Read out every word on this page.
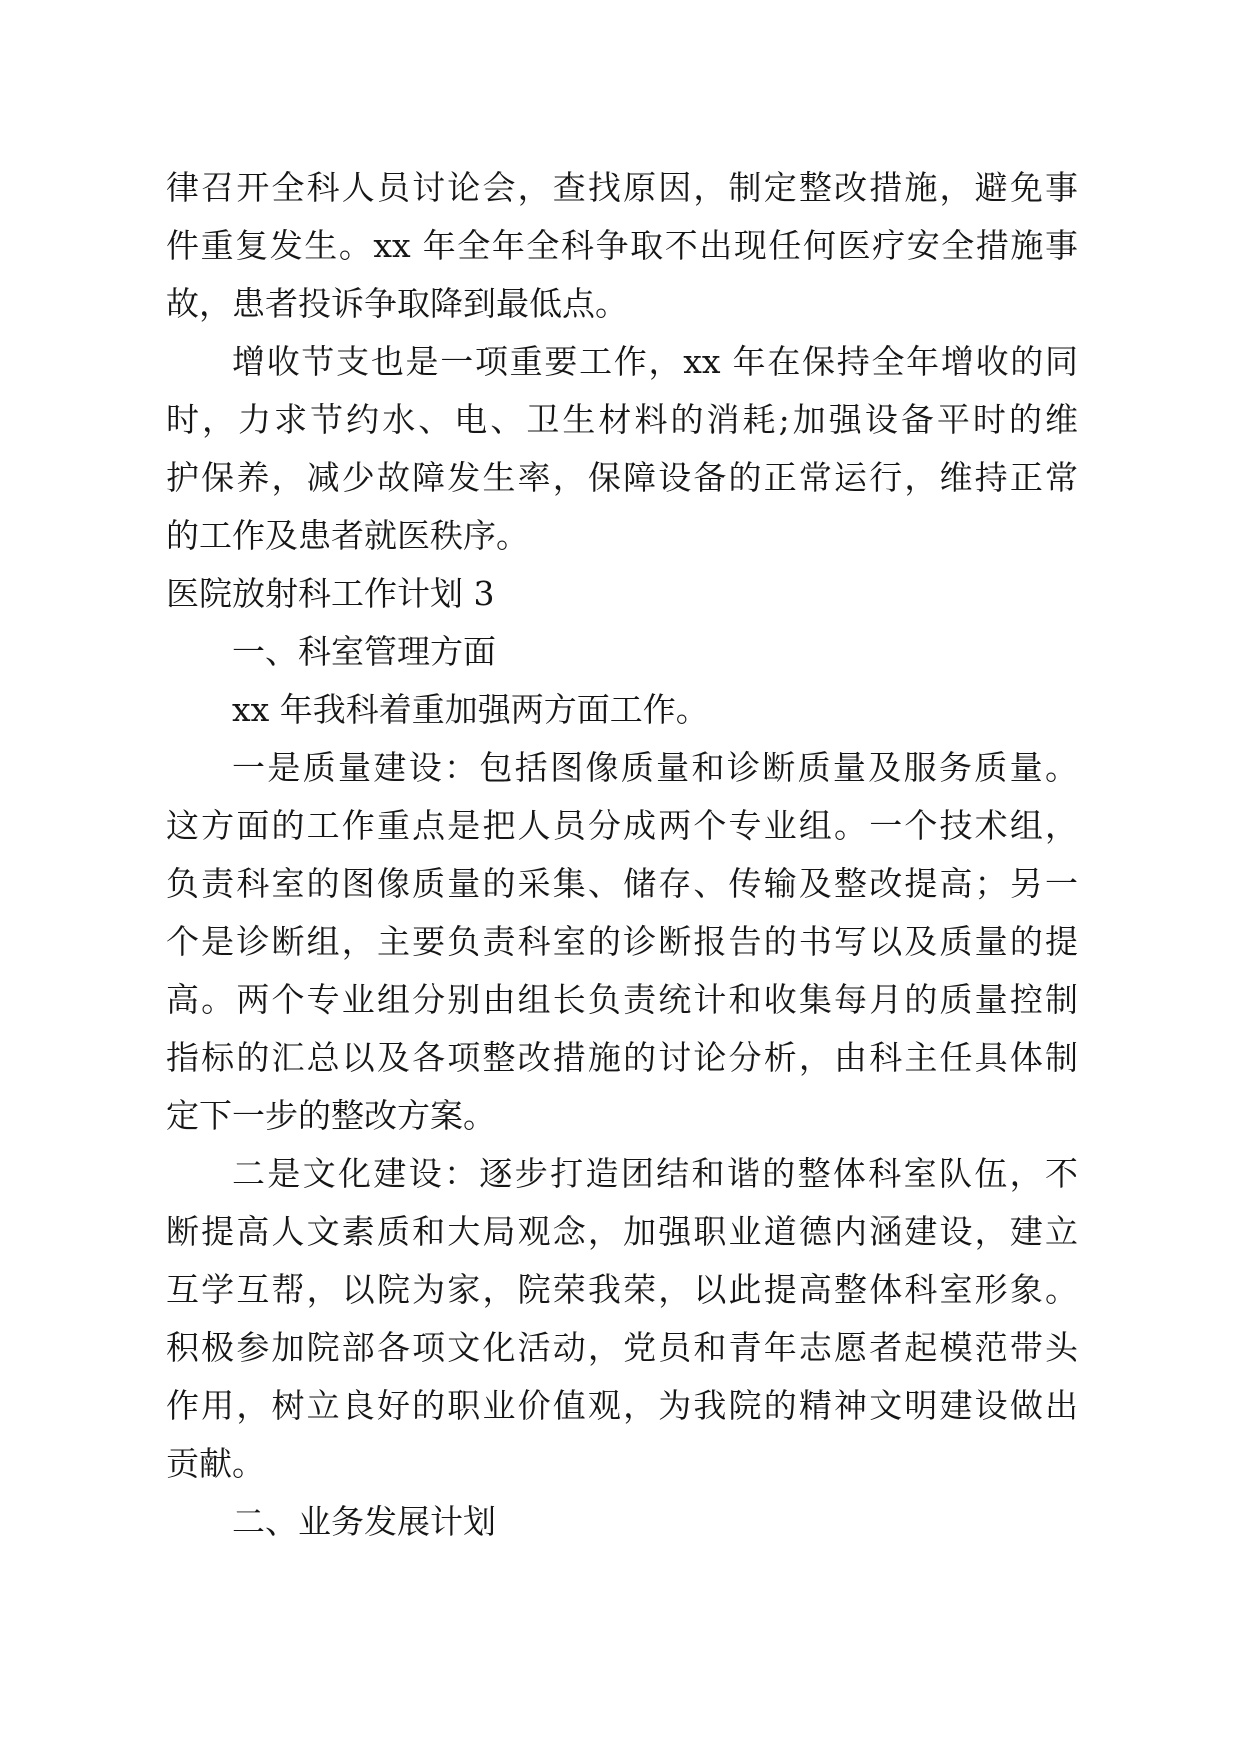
律召开全科人员讨论会，查找原因，制定整改措施，避免事
件重复发生。xx 年全年全科争取不出现任何医疗安全措施事
故，患者投诉争取降到最低点。
增收节支也是一项重要工作，xx 年在保持全年增收的同
时，力求节约水、电、卫生材料的消耗;加强设备平时的维
护保养，减少故障发生率，保障设备的正常运行，维持正常
的工作及患者就医秩序。
医院放射科工作计划 3
一、科室管理方面
xx 年我科着重加强两方面工作。
一是质量建设：包括图像质量和诊断质量及服务质量。
这方面的工作重点是把人员分成两个专业组。一个技术组，
负责科室的图像质量的采集、储存、传输及整改提高；另一
个是诊断组，主要负责科室的诊断报告的书写以及质量的提
高。两个专业组分别由组长负责统计和收集每月的质量控制
指标的汇总以及各项整改措施的讨论分析，由科主任具体制
定下一步的整改方案。
二是文化建设：逐步打造团结和谐的整体科室队伍，不
断提高人文素质和大局观念，加强职业道德内涵建设，建立
互学互帮，以院为家，院荣我荣，以此提高整体科室形象。
积极参加院部各项文化活动，党员和青年志愿者起模范带头
作用，树立良好的职业价值观，为我院的精神文明建设做出
贡献。
二、业务发展计划
